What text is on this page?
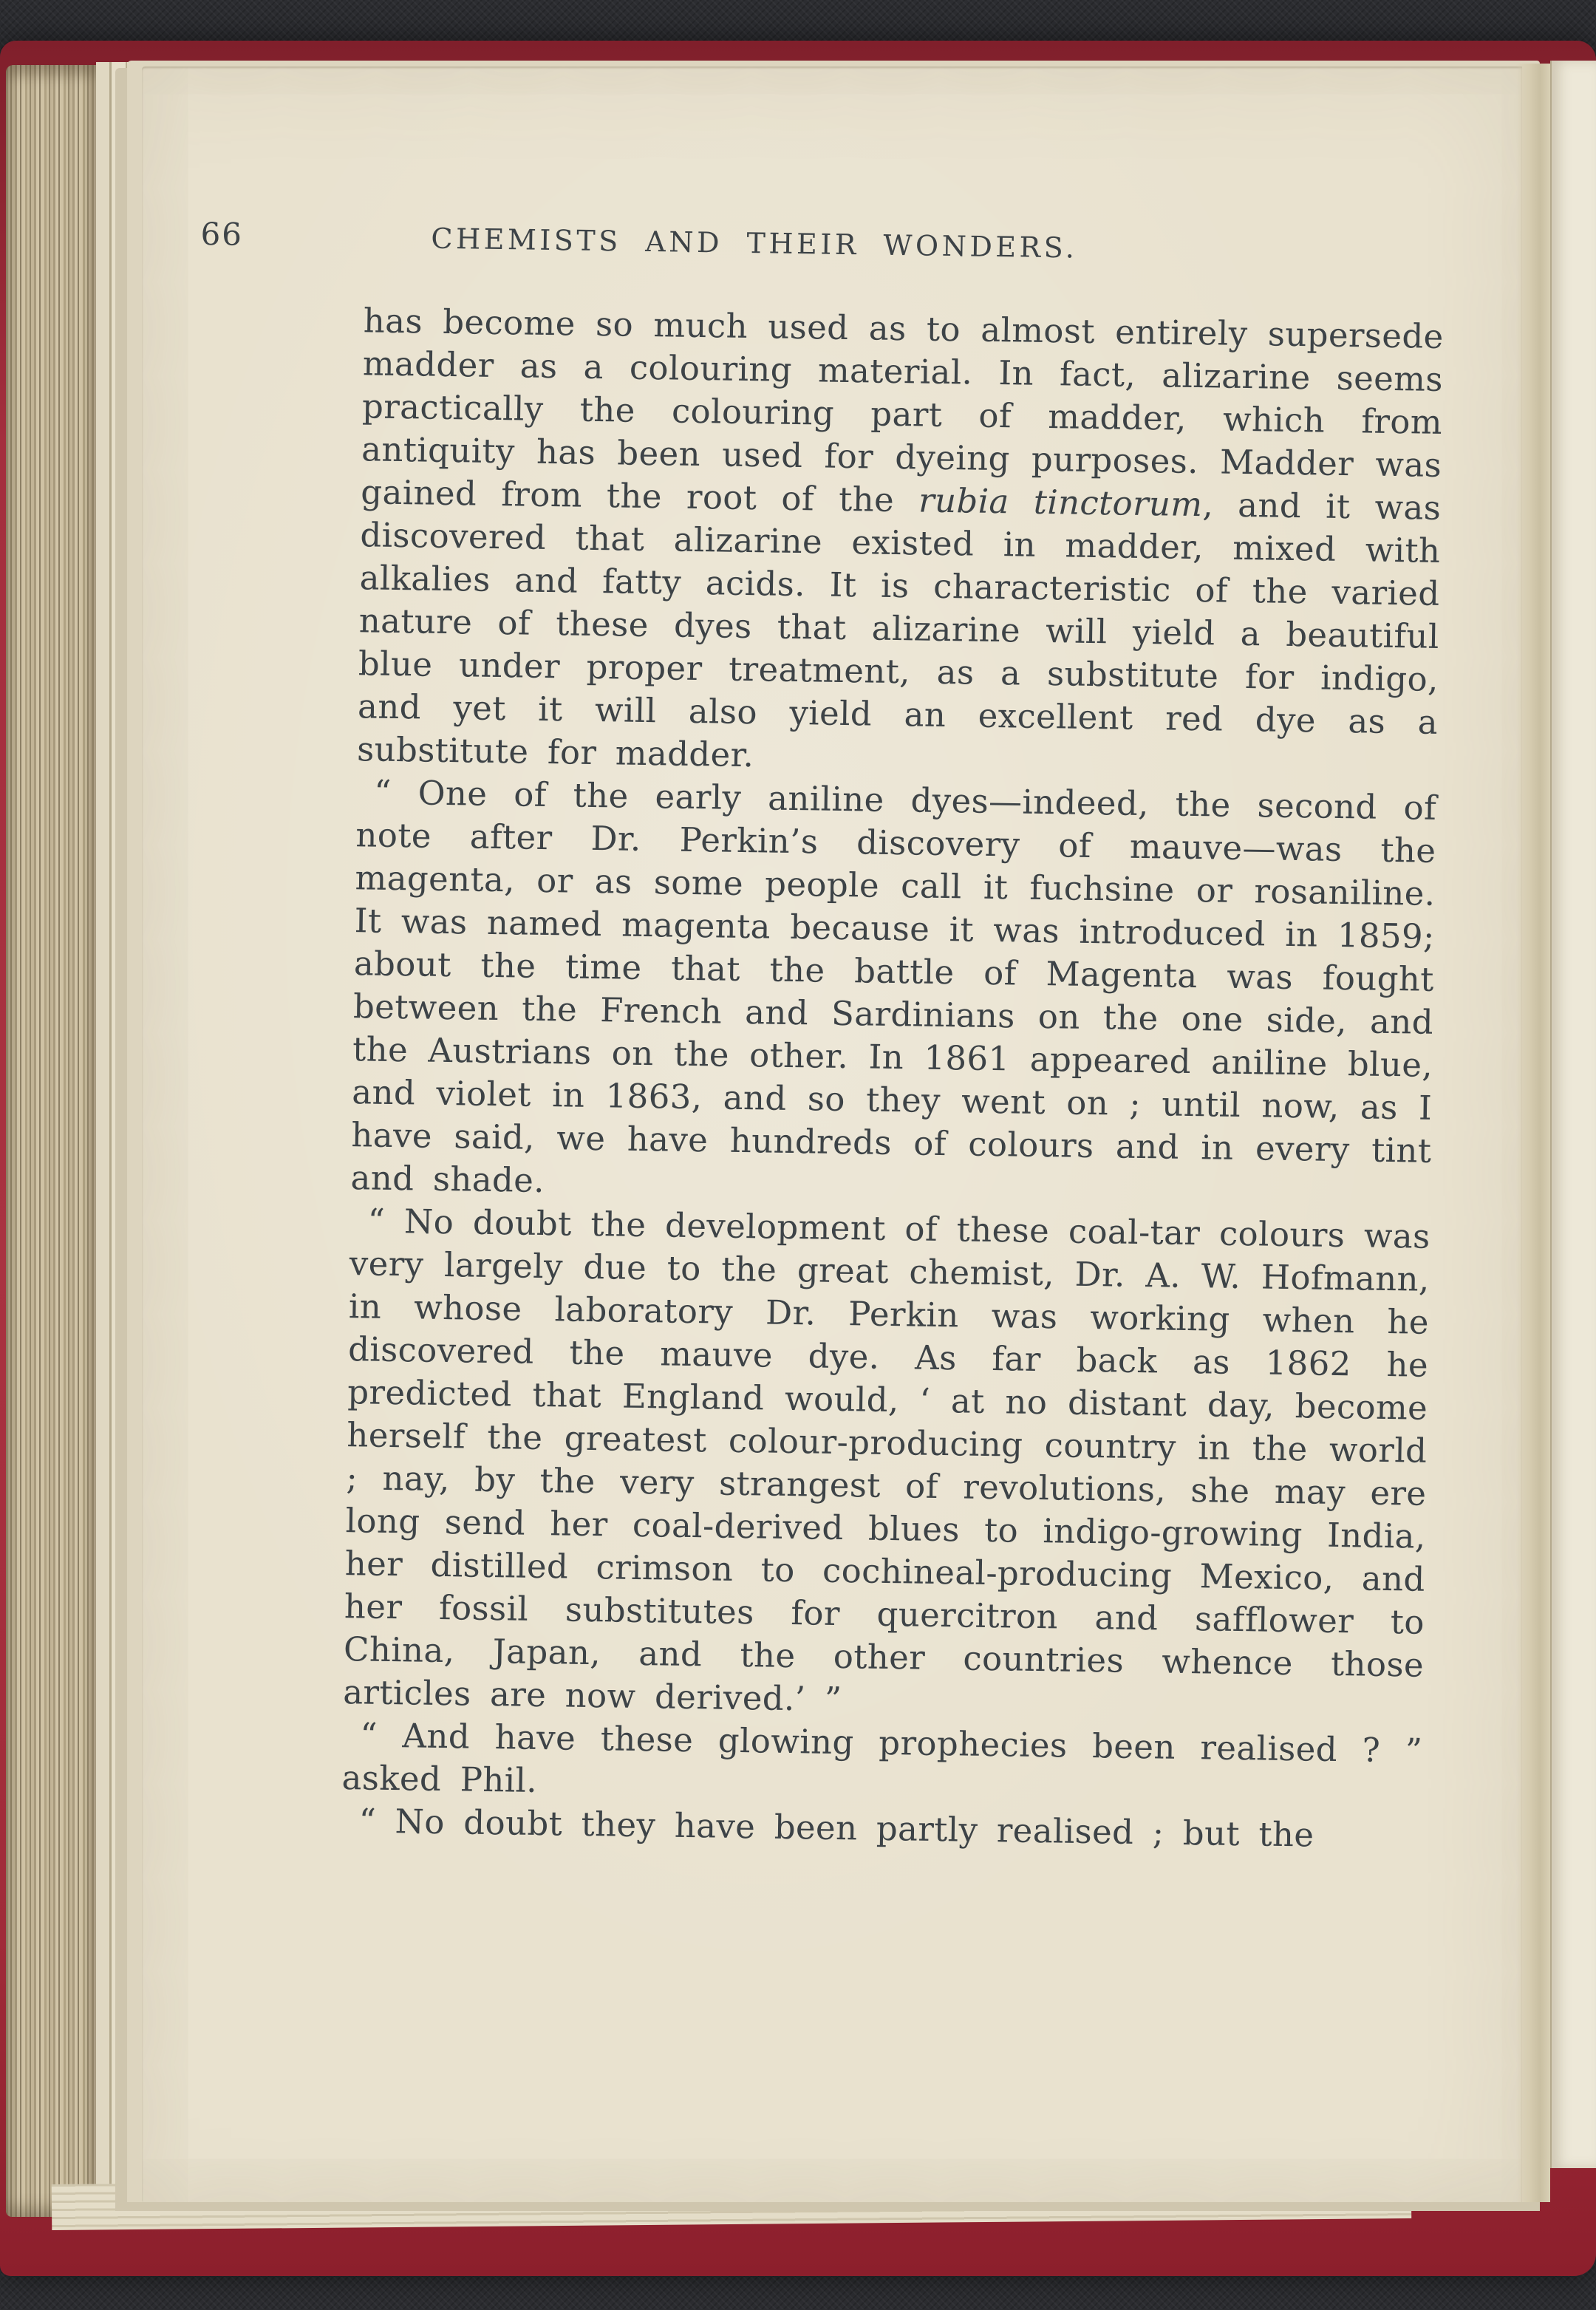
66	CHEMISTS AND THEIR WONDERS.

has become so much used as to almost entirely supersede madder as a colouring material. In fact, alizarine seems practically the colouring part of madder, which from antiquity has been used for dyeing purposes. Madder was gained from the root of the rubia tinctorum, and it was discovered that alizarine existed in madder, mixed with alkalies and fatty acids. It is characteristic of the varied nature of these dyes that alizarine will yield a beautiful blue under proper treatment, as a substitute for indigo, and yet it will also yield an excellent red dye as a substitute for madder.

“ One of the early aniline dyes—indeed, the second of note after Dr. Perkin’s discovery of mauve—was the magenta, or as some people call it fuchsine or rosaniline. It was named magenta because it was introduced in 1859; about the time that the battle of Magenta was fought between the French and Sardinians on the one side, and the Austrians on the other. In 1861 appeared aniline blue, and violet in 1863, and so they went on ; until now, as I have said, we have hundreds of colours and in every tint and shade.

“ No doubt the development of these coal-tar colours was very largely due to the great chemist, Dr. A. W. Hofmann, in whose laboratory Dr. Perkin was working when he discovered the mauve dye. As far back as 1862 he predicted that England would, ‘ at no distant day, become herself the greatest colour-producing country in the world ; nay, by the very strangest of revolutions, she may ere long send her coal-derived blues to indigo-growing India, her distilled crimson to cochineal-producing Mexico, and her fossil substitutes for quercitron and safflower to China, Japan, and the other countries whence those articles are now derived.’ ”

“ And have these glowing prophecies been realised ? ” asked Phil.

“ No doubt they have been partly realised ; but the
